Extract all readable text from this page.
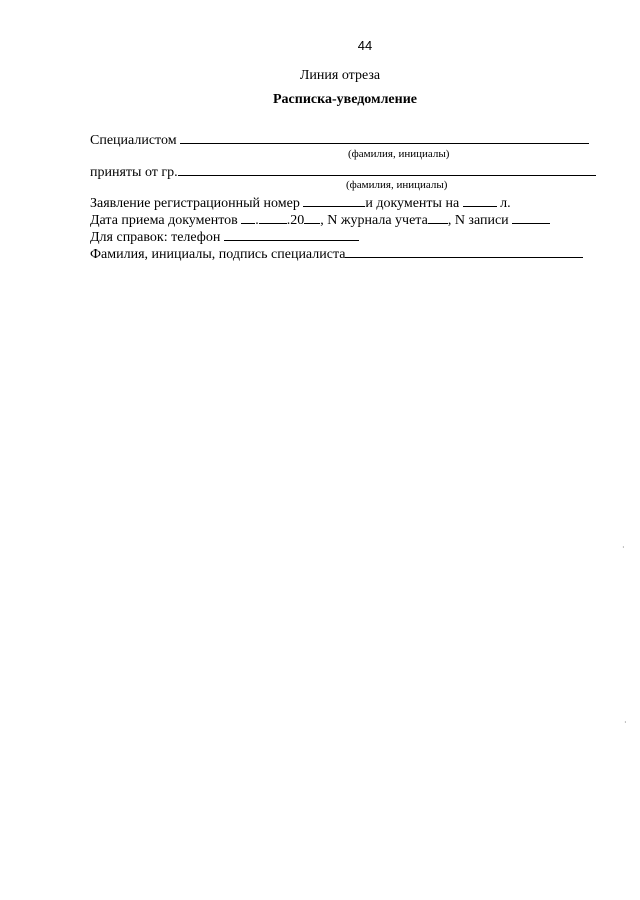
44
Линия отреза
Расписка-уведомление
Специалистом
(фамилия, инициалы)
приняты от гр.
(фамилия, инициалы)
Заявление регистрационный номер	и документы на	л.
Дата приема документов . .20 , N журнала учета , N записи
Для справок: телефон
Фамилия, инициалы, подпись специалиста
·
·
